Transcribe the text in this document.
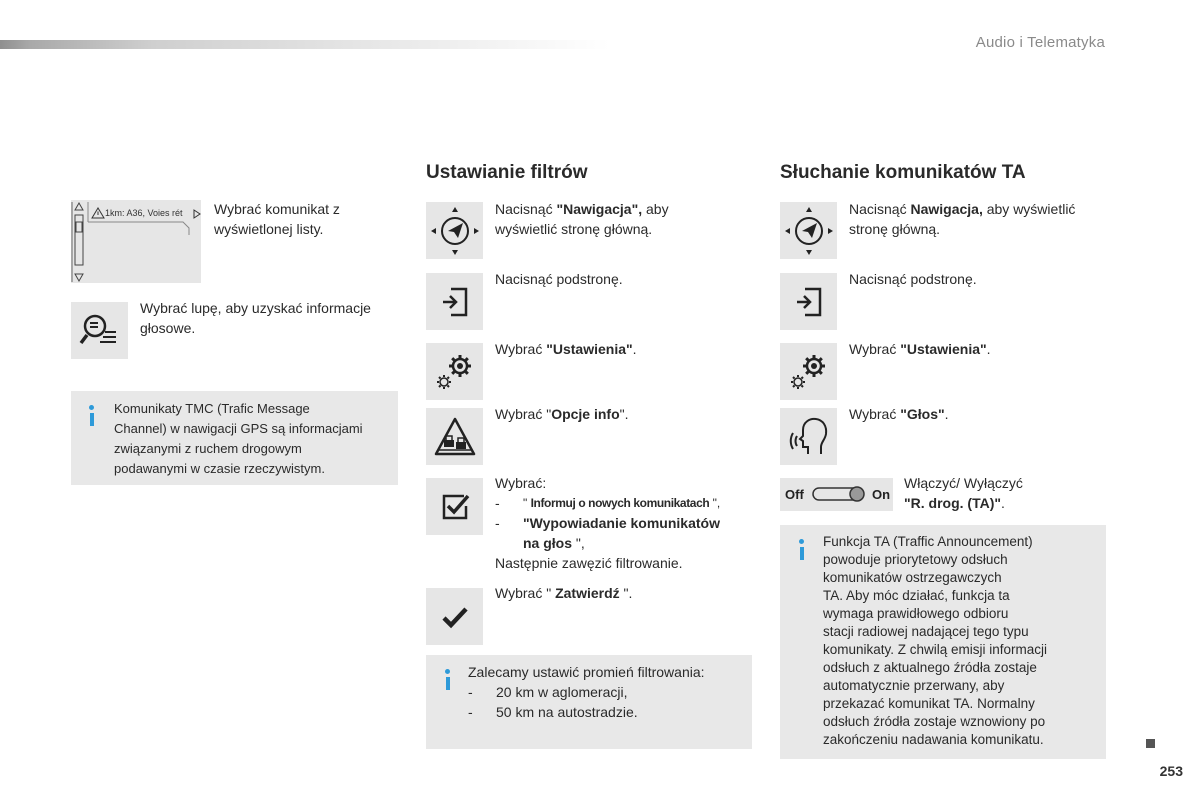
Audio i Telematyka
1km: A36, Voies rét Wybrać komunikat z
wyświetlonej listy.
Wybrać lupę, aby uzyskać informacje
głosowe.
Komunikaty TMC (Trafic Message
Channel) w nawigacji GPS są informacjami
związanymi z ruchem drogowym
podawanymi w czasie rzeczywistym.
Ustawianie filtrów
Nacisnąć "Nawigacja", aby
wyświetlić stronę główną.
Nacisnąć podstronę.
Wybrać "Ustawienia".
Wybrać "Opcje info".
Wybrać:
-	" Informuj o nowych komunikatach ",
-	"Wypowiadanie komunikatów
na głos ",
Następnie zawęzić filtrowanie.
Wybrać " Zatwierdź ".
Zalecamy ustawić promień filtrowania:
-	20 km w aglomeracji,
-	50 km na autostradzie.
Słuchanie komunikatów TA
Nacisnąć Nawigacja, aby wyświetlić
stronę główną.
Nacisnąć podstronę.
Wybrać "Ustawienia".
Wybrać "Głos".
Off	On
Włączyć/ Wyłączyć
"R. drog. (TA)".
Funkcja TA (Traffic Announcement)
powoduje priorytetowy odsłuch
komunikatów ostrzegawczych
TA. Aby móc działać, funkcja ta
wymaga prawidłowego odbioru
stacji radiowej nadającej tego typu
komunikaty. Z chwilą emisji informacji
odsłuch z aktualnego źródła zostaje
automatycznie przerwany, aby
przekazać komunikat TA. Normalny
odsłuch źródła zostaje wznowiony po
zakończeniu nadawania komunikatu.
253
